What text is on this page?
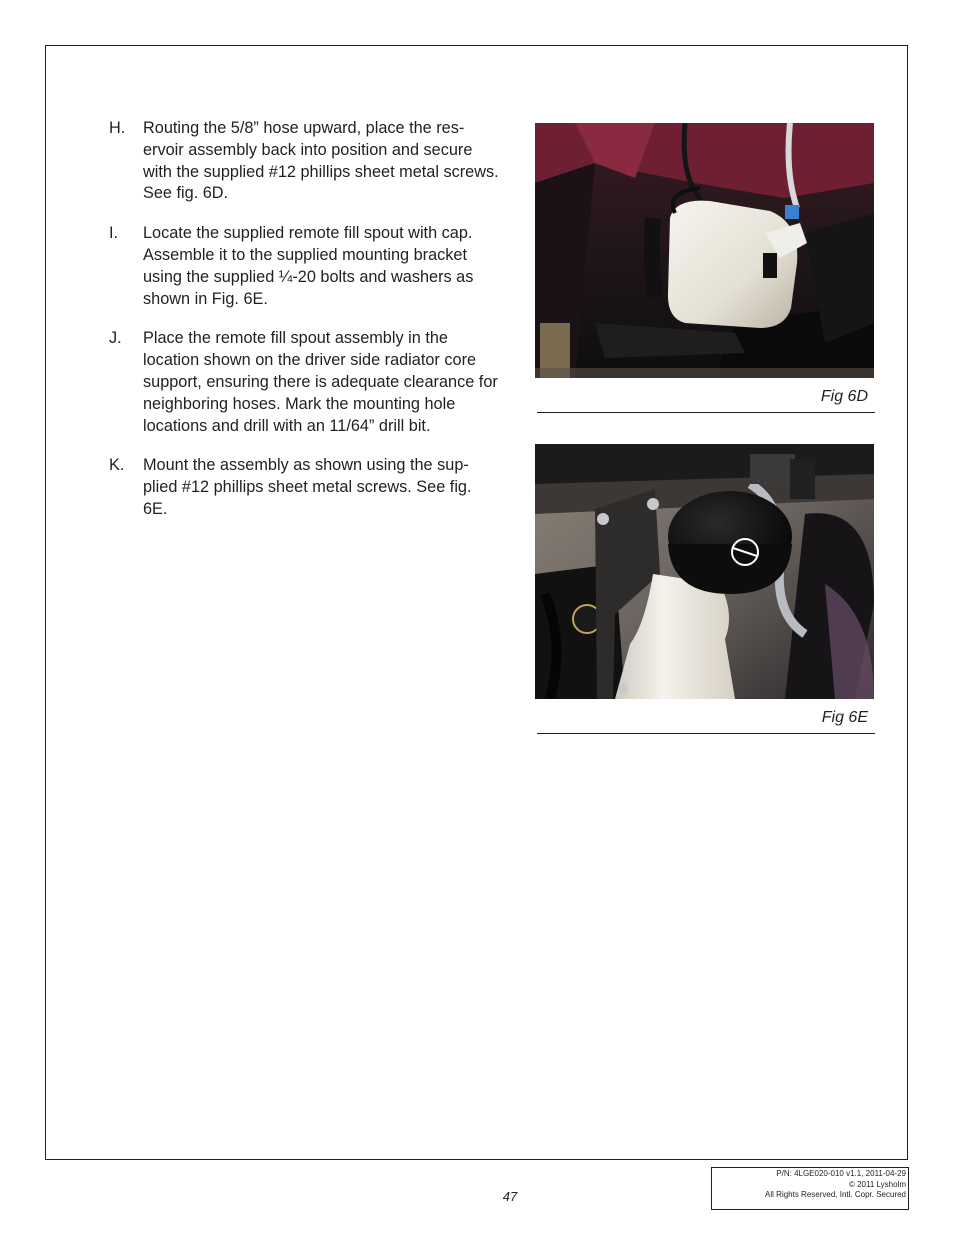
H.	Routing the 5/8” hose upward, place the res- ervoir assembly back into position and secure with the supplied #12 phillips sheet metal screws. See fig. 6D.
I.	Locate the supplied remote fill spout with cap. Assemble it to the supplied mounting bracket using the supplied ¼-20 bolts and washers as shown in Fig. 6E.
J.	Place the remote fill spout assembly in the location shown on the driver side radiator core support, ensuring there is adequate clearance for neighboring hoses. Mark the mounting hole locations and drill with an 11/64” drill bit.
K.	Mount the assembly as shown using the sup- plied #12 phillips sheet metal screws. See fig. 6E.
Fig 6D
Fig 6E
47
P/N: 4LGE020-010 v1.1, 2011-04-29
© 2011 Lysholm
All Rights Reserved, Intl. Copr. Secured
